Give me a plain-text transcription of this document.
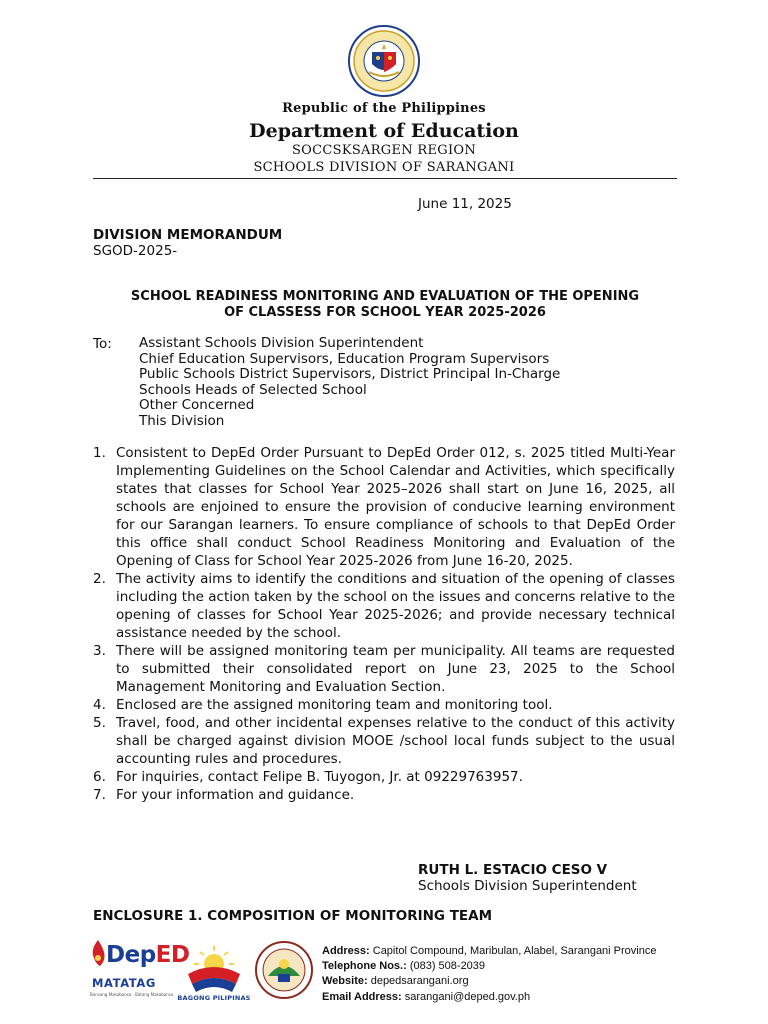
Republic of the Philippines
Department of Education
SOCCSKSARGEN REGION
SCHOOLS DIVISION OF SARANGANI
June 11, 2025
DIVISION MEMORANDUM
SGOD-2025-
SCHOOL READINESS MONITORING AND EVALUATION OF THE OPENING
OF CLASSESS FOR SCHOOL YEAR 2025-2026
To: Assistant Schools Division Superintendent
Chief Education Supervisors, Education Program Supervisors
Public Schools District Supervisors, District Principal In-Charge
Schools Heads of Selected School
Other Concerned
This Division
1. Consistent to DepEd Order Pursuant to DepEd Order 012, s. 2025 titled Multi-Year Implementing Guidelines on the School Calendar and Activities, which specifically states that classes for School Year 2025–2026 shall start on June 16, 2025, all schools are enjoined to ensure the provision of conducive learning environment for our Sarangan learners. To ensure compliance of schools to that DepEd Order this office shall conduct School Readiness Monitoring and Evaluation of the Opening of Class for School Year 2025-2026 from June 16-20, 2025.
2. The activity aims to identify the conditions and situation of the opening of classes including the action taken by the school on the issues and concerns relative to the opening of classes for School Year 2025-2026; and provide necessary technical assistance needed by the school.
3. There will be assigned monitoring team per municipality. All teams are requested to submitted their consolidated report on June 23, 2025 to the School Management Monitoring and Evaluation Section.
4. Enclosed are the assigned monitoring team and monitoring tool.
5. Travel, food, and other incidental expenses relative to the conduct of this activity shall be charged against division MOOE /school local funds subject to the usual accounting rules and procedures.
6. For inquiries, contact Felipe B. Tuyogon, Jr. at 09229763957.
7. For your information and guidance.
RUTH L. ESTACIO CESO V
Schools Division Superintendent
ENCLOSURE 1. COMPOSITION OF MONITORING TEAM
DepED
MATATAG
Bansang Makabansa · Batang Makabansa BAGONG PILIPINAS
Address: Capitol Compound, Maribulan, Alabel, Sarangani Province
Telephone Nos.: (083) 508-2039
Website: depedsarangani.org
Email Address: sarangani@deped.gov.ph
